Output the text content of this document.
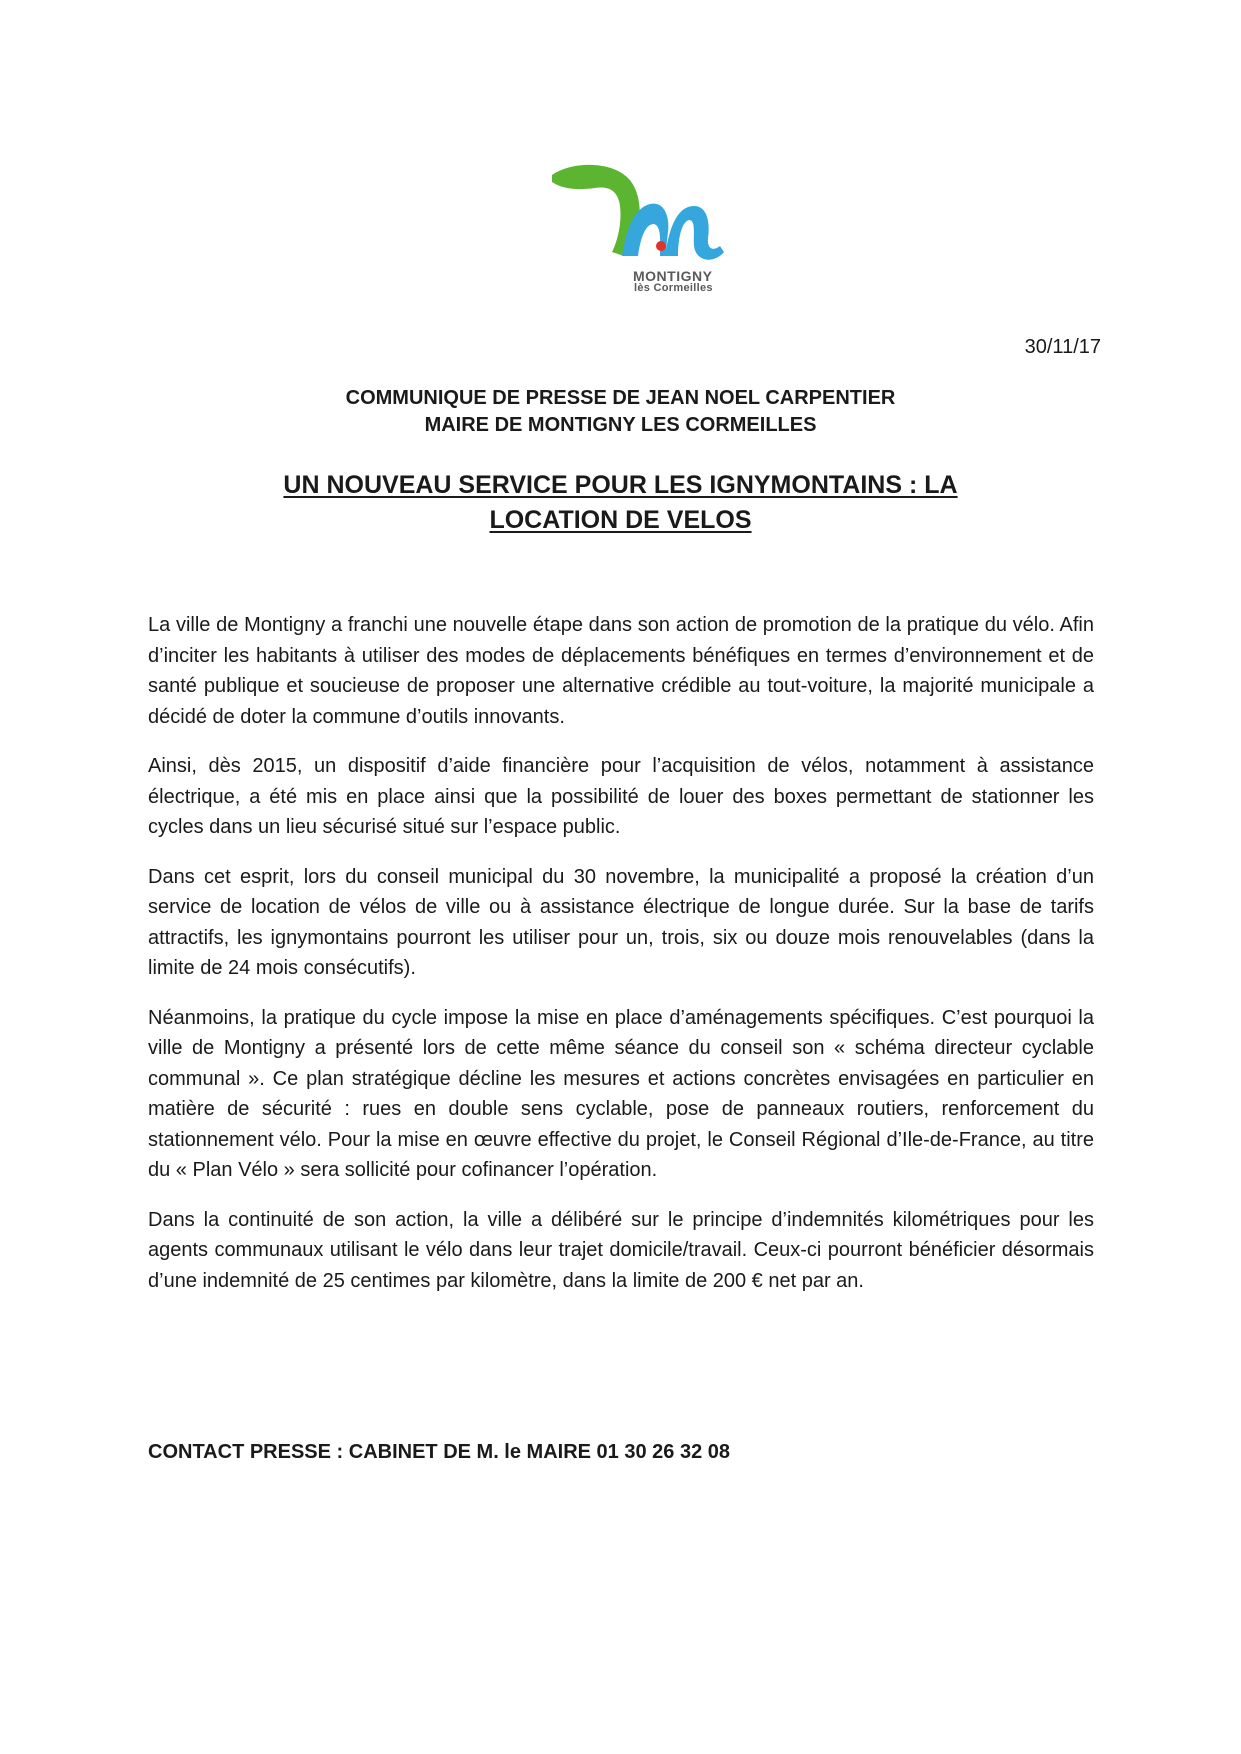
MONTIGNY
lès Cormeilles
30/11/17
COMMUNIQUE DE PRESSE DE JEAN NOEL CARPENTIER
MAIRE DE MONTIGNY LES CORMEILLES
UN NOUVEAU SERVICE POUR LES IGNYMONTAINS : LA
LOCATION DE VELOS

La ville de Montigny a franchi une nouvelle étape dans son action de promotion de la pratique du vélo. Afin d’inciter les habitants à utiliser des modes de déplacements bénéfiques en termes d’environnement et de santé publique et soucieuse de proposer une alternative crédible au tout-voiture, la majorité municipale a décidé de doter la commune d’outils innovants.

Ainsi, dès 2015, un dispositif d’aide financière pour l’acquisition de vélos, notamment à assistance électrique, a été mis en place ainsi que la possibilité de louer des boxes permettant de stationner les cycles dans un lieu sécurisé situé sur l’espace public.

Dans cet esprit, lors du conseil municipal du 30 novembre, la municipalité a proposé la création d’un service de location de vélos de ville ou à assistance électrique de longue durée. Sur la base de tarifs attractifs, les ignymontains pourront les utiliser pour un, trois, six ou douze mois renouvelables (dans la limite de 24 mois consécutifs).

Néanmoins, la pratique du cycle impose la mise en place d’aménagements spécifiques. C’est pourquoi la ville de Montigny a présenté lors de cette même séance du conseil son « schéma directeur cyclable communal ». Ce plan stratégique décline les mesures et actions concrètes envisagées en particulier en matière de sécurité : rues en double sens cyclable, pose de panneaux routiers, renforcement du stationnement vélo. Pour la mise en œuvre effective du projet, le Conseil Régional d’Ile-de-France, au titre du « Plan Vélo » sera sollicité pour cofinancer l’opération.

Dans la continuité de son action, la ville a délibéré sur le principe d’indemnités kilométriques pour les agents communaux utilisant le vélo dans leur trajet domicile/travail. Ceux-ci pourront bénéficier désormais d’une indemnité de 25 centimes par kilomètre, dans la limite de 200 € net par an.

CONTACT PRESSE : CABINET DE M. le MAIRE 01 30 26 32 08
